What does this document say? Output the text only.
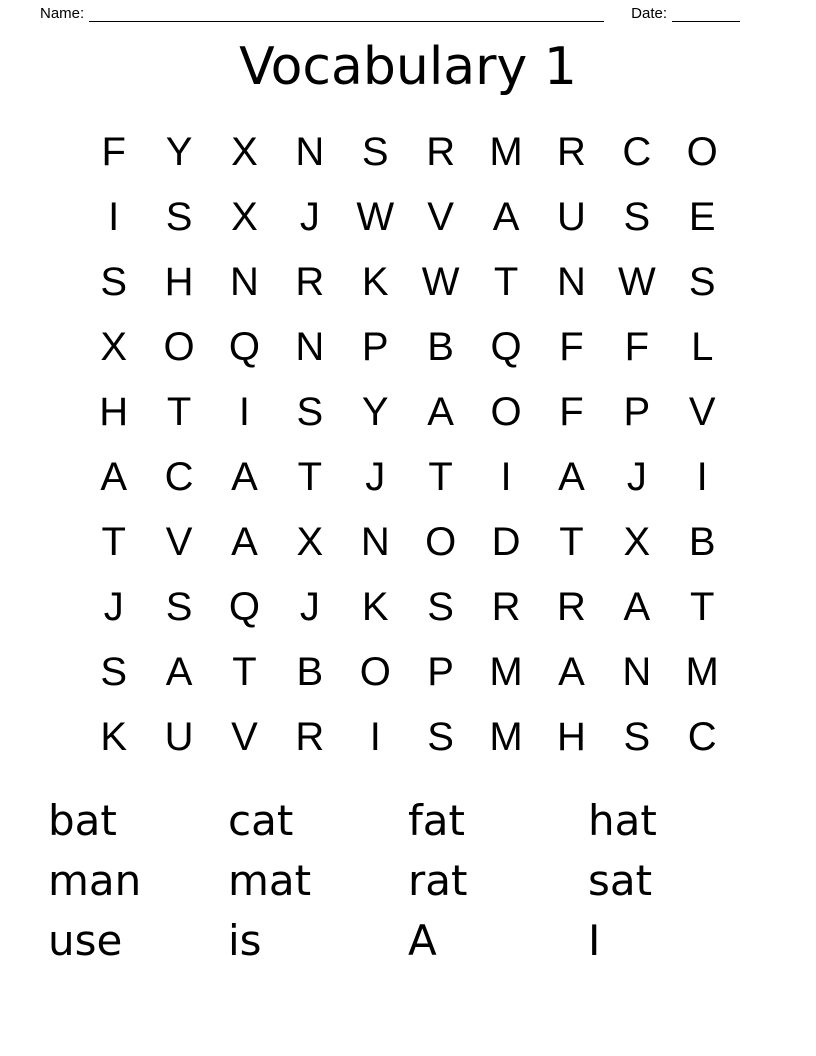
Name:	Date:
Vocabulary 1
F Y X N S R M R C O
I	S X	J W V A U S E
S H N R K W T N W S
X O Q N P B Q F	F	L
H T	I	S Y A O F P V
A C A T	J	T	I	A	J	I
T V A X N O D T X B
J	S Q J	K S R R A T
S A T B O P M A N M
K U V R	I	S M H S C
bat	cat	fat	hat
man	mat	rat	sat
use	is	A	I
